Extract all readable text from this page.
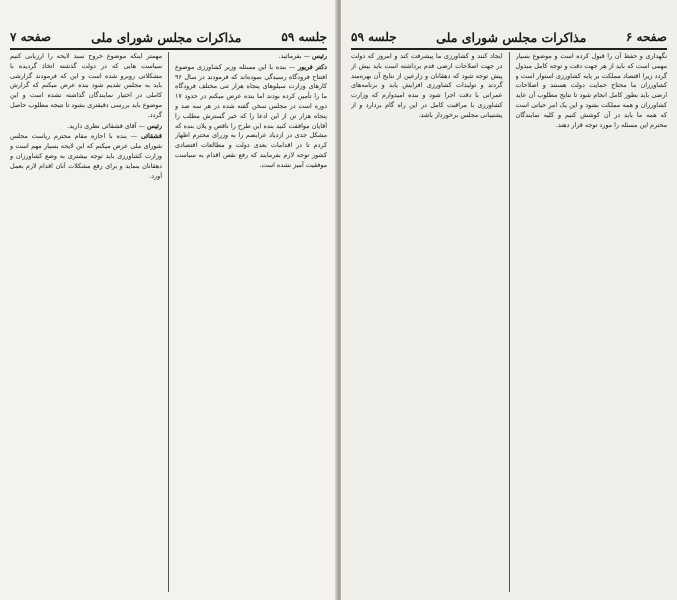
جلسه ۵۹
مذاکرات مجلس شورای ملی
صفحه ۷

رئیس — بفرمائید.

دکتر فریور — بنده با این مسئله وزیر کشاورزی موضوع افتتاح فرودگاه رسیدگی نموده‌اند که فرمودند در سال ۹۶ کارهای وزارت سیلوهای پنجاه هزار تنی مختلف فرودگاه ما را تأمین کرده بودند اما بنده عرض میکنم در حدود ۱۷ دوره است در مجلس سخن گفته شده در هر سه صد و پنجاه هزار تن از این ادعا را که خیر گسترش مطلب را آقایان موافقت کنید بنده این طرح را ناقص و پلان بنده که مشکل جدی در ازدیاد عرایضم را به وزرای محترم اظهار کردم تا در اقدامات بعدی دولت و مطالعات اقتصادی کشور توجه لازم بفرمایند که رفع نقص اقدام به سیاست موفقیت آمیز نشده است.

مهمتر اینکه موضوع خروج سبد لایحه را ارزیابی کنیم سیاست هایی که در دولت گذشته اتخاذ گردیده با مشکلاتی روبرو شده است و این که فرمودند گزارشی باید به مجلس تقدیم شود بنده عرض میکنم که گزارش کاملی در اختیار نمایندگان گذاشته نشده است و این موضوع باید بررسی دقیقتری بشود تا نتیجه مطلوب حاصل گردد.

رئیس — آقای قشقائی نظری دارید.

قشقائی — بنده با اجازه مقام محترم ریاست مجلس شورای ملی عرض میکنم که این لایحه بسیار مهم است و وزارت کشاورزی باید توجه بیشتری به وضع کشاورزان و دهقانان بنماید و برای رفع مشکلات آنان اقدام لازم بعمل آورد.

صفحه ۶
مذاکرات مجلس شورای ملی
جلسه ۵۹

نگهداری و حفظ آن را قبول کرده است و موضوع بسیار مهمی است که باید از هر جهت دقت و توجه کامل مبذول گردد زیرا اقتصاد مملکت بر پایه کشاورزی استوار است و کشاورزان ما محتاج حمایت دولت هستند و اصلاحات ارضی باید بطور کامل انجام شود تا نتایج مطلوب آن عاید کشاورزان و همه مملکت بشود و این یک امر حیاتی است که همه ما باید در آن کوشش کنیم و کلیه نمایندگان محترم این مسئله را مورد توجه قرار دهند.

ایجاد کنند و کشاورزی ما پیشرفت کند و امروز که دولت در جهت اصلاحات ارضی قدم برداشته است باید بیش از پیش توجه شود که دهقانان و زارعین از نتایج آن بهره‌مند گردند و تولیدات کشاورزی افزایش یابد و برنامه‌های عمرانی با دقت اجرا شود و بنده امیدوارم که وزارت کشاورزی با مراقبت کامل در این راه گام بردارد و از پشتیبانی مجلس برخوردار باشد.
